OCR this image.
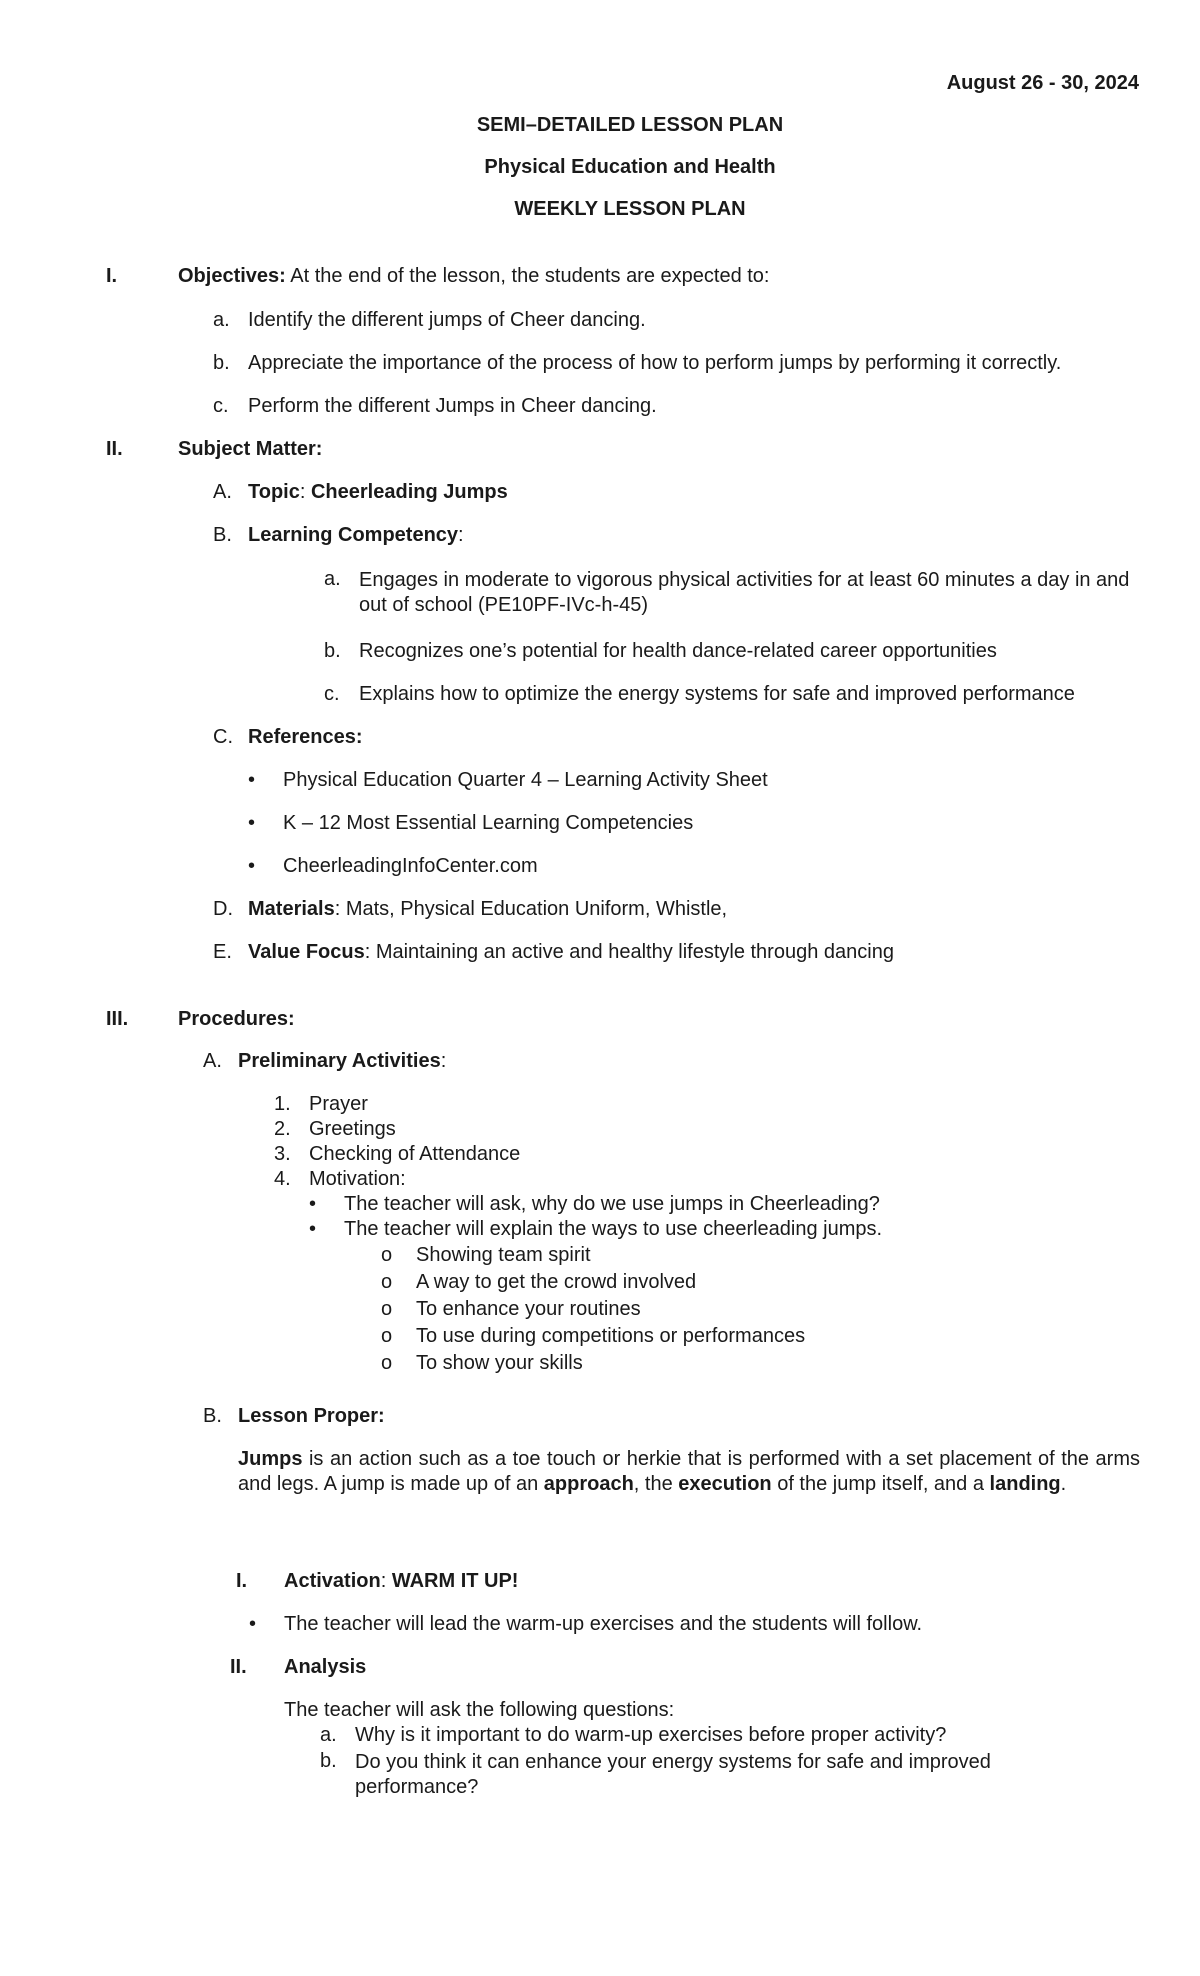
August 26 - 30, 2024
SEMI–DETAILED LESSON PLAN
Physical Education and Health
WEEKLY LESSON PLAN
I.	Objectives: At the end of the lesson, the students are expected to:
a. Identify the different jumps of Cheer dancing.
b. Appreciate the importance of the process of how to perform jumps by performing it correctly.
c. Perform the different Jumps in Cheer dancing.
II.	Subject Matter:
A. Topic: Cheerleading Jumps
B. Learning Competency:
a. Engages in moderate to vigorous physical activities for at least 60 minutes a day in and out of school (PE10PF-IVc-h-45)
b. Recognizes one’s potential for health dance-related career opportunities
c. Explains how to optimize the energy systems for safe and improved performance
C. References:
• Physical Education Quarter 4 – Learning Activity Sheet
• K – 12 Most Essential Learning Competencies
• CheerleadingInfoCenter.com
D. Materials: Mats, Physical Education Uniform, Whistle,
E. Value Focus: Maintaining an active and healthy lifestyle through dancing
III. Procedures:
A. Preliminary Activities:
1. Prayer
2. Greetings
3. Checking of Attendance
4. Motivation:
• The teacher will ask, why do we use jumps in Cheerleading?
• The teacher will explain the ways to use cheerleading jumps.
o Showing team spirit
o A way to get the crowd involved
o To enhance your routines
o To use during competitions or performances
o To show your skills
B. Lesson Proper:
Jumps is an action such as a toe touch or herkie that is performed with a set placement of the arms and legs. A jump is made up of an approach, the execution of the jump itself, and a landing.
I. Activation: WARM IT UP!
• The teacher will lead the warm-up exercises and the students will follow.
II. Analysis
The teacher will ask the following questions:
a. Why is it important to do warm-up exercises before proper activity?
b. Do you think it can enhance your energy systems for safe and improved performance?
